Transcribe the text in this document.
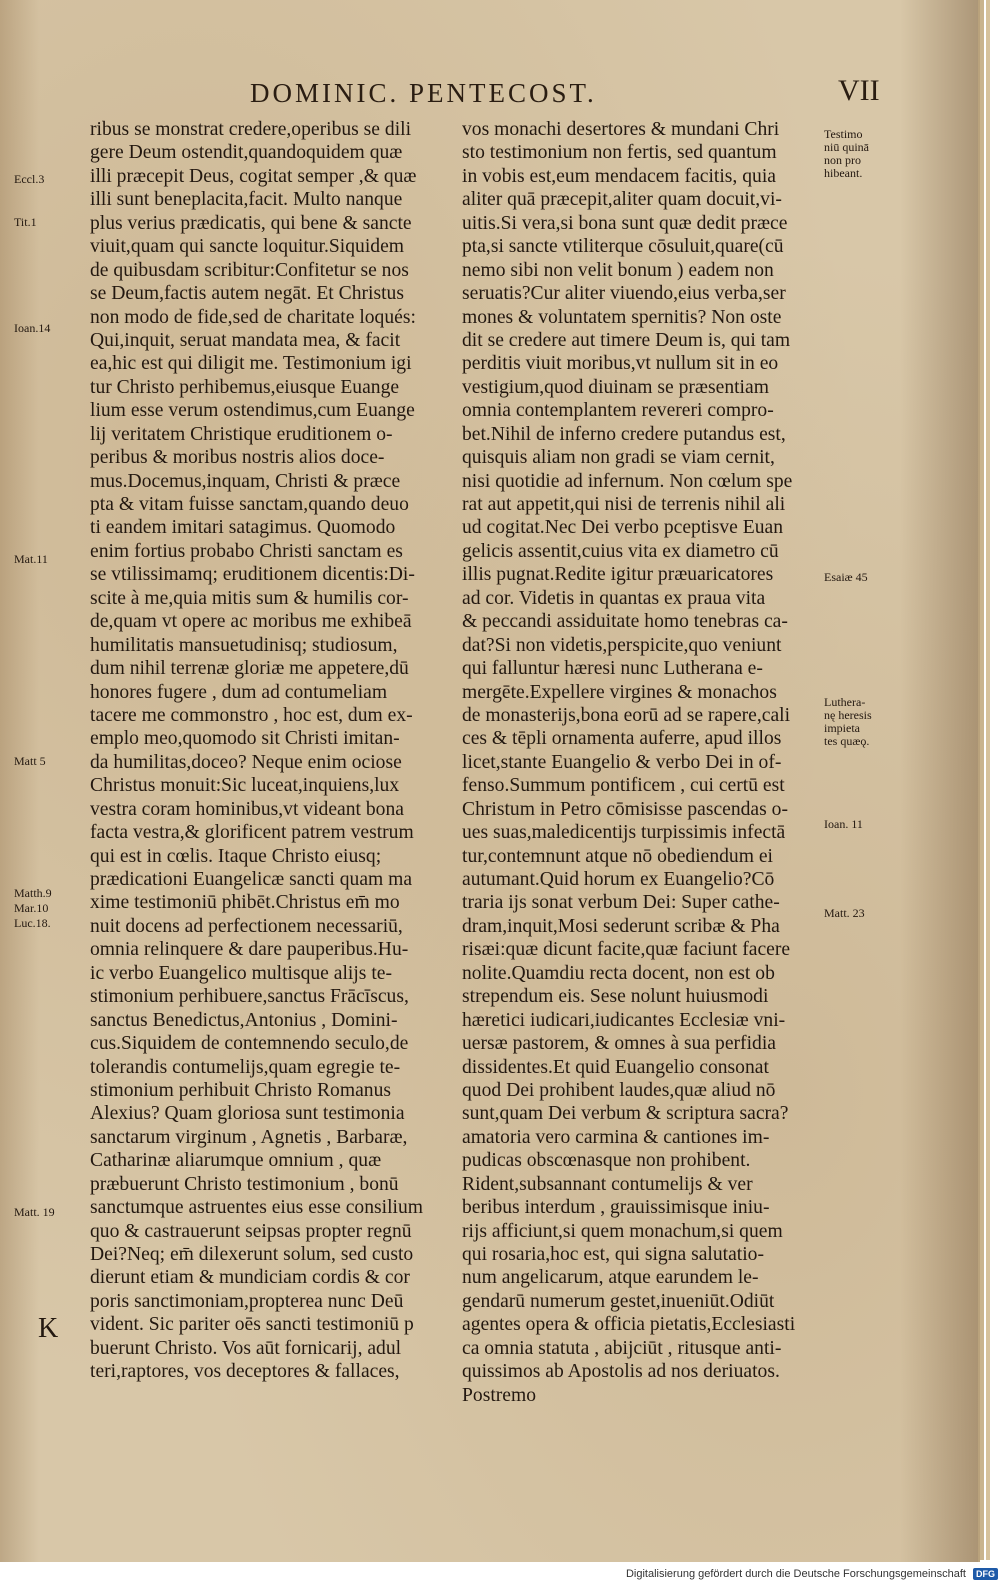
DOMINIC. PENTECOST.	VII
ribus se monstrat credere,operibus se dili
gere Deum ostendit,quandoquidem quæ
illi præcepit Deus, cogitat semper ,& quæ
illi sunt beneplacita,facit. Multo nanque
plus verius prædicatis, qui bene & sancte
viuit,quam qui sancte loquitur.Siquidem
de quibusdam scribitur:Confitetur se nos
se Deum,factis autem negāt. Et Christus
non modo de fide,sed de charitate loqués:
Qui,inquit, seruat mandata mea, & facit
ea,hic est qui diligit me. Testimonium igi
tur Christo perhibemus,eiusque Euange
lium esse verum ostendimus,cum Euange
lij veritatem Christique eruditionem o-
peribus & moribus nostris alios doce-
mus.Docemus,inquam, Christi & præce
pta & vitam fuisse sanctam,quando deuo
ti eandem imitari satagimus. Quomodo
enim fortius probabo Christi sanctam es
se vtilissimamq; eruditionem dicentis:Di-
scite à me,quia mitis sum & humilis cor-
de,quam vt opere ac moribus me exhibeā
humilitatis mansuetudinisq; studiosum,
dum nihil terrenæ gloriæ me appetere,dū
honores fugere , dum ad contumeliam
tacere me commonstro , hoc est, dum ex-
emplo meo,quomodo sit Christi imitan-
da humilitas,doceo? Neque enim ociose
Christus monuit:Sic luceat,inquiens,lux
vestra coram hominibus,vt videant bona
facta vestra,& glorificent patrem vestrum
qui est in cœlis. Itaque Christo eiusq;
prædicationi Euangelicæ sancti quam ma
xime testimoniū phibēt.Christus em̄ mo
nuit docens ad perfectionem necessariū,
omnia relinquere & dare pauperibus.Hu-
ic verbo Euangelico multisque alijs te-
stimonium perhibuere,sanctus Frācīscus,
sanctus Benedictus,Antonius , Domini-
cus.Siquidem de contemnendo seculo,de
tolerandis contumelijs,quam egregie te-
stimonium perhibuit Christo Romanus
Alexius? Quam gloriosa sunt testimonia
sanctarum virginum , Agnetis , Barbaræ,
Catharinæ aliarumque omnium , quæ
præbuerunt Christo testimonium , bonū
sanctumque astruentes eius esse consilium
quo & castrauerunt seipsas propter regnū
Dei?Neq; em̄ dilexerunt solum, sed custo
dierunt etiam & mundiciam cordis & cor
poris sanctimoniam,propterea nunc Deū
vident. Sic pariter oēs sancti testimoniū p
buerunt Christo. Vos aūt fornicarij, adul
teri,raptores, vos deceptores & fallaces,
vos monachi desertores & mundani Chri
sto testimonium non fertis, sed quantum
in vobis est,eum mendacem facitis, quia
aliter quā præcepit,aliter quam docuit,vi-
uitis.Si vera,si bona sunt quæ dedit præce
pta,si sancte vtiliterque cōsuluit,quare(cū
nemo sibi non velit bonum ) eadem non
seruatis?Cur aliter viuendo,eius verba,ser
mones & voluntatem spernitis? Non oste
dit se credere aut timere Deum is, qui tam
perditis viuit moribus,vt nullum sit in eo
vestigium,quod diuinam se præsentiam
omnia contemplantem revereri compro-
bet.Nihil de inferno credere putandus est,
quisquis aliam non gradi se viam cernit,
nisi quotidie ad infernum. Non cœlum spe
rat aut appetit,qui nisi de terrenis nihil ali
ud cogitat.Nec Dei verbo pceptisve Euan
gelicis assentit,cuius vita ex diametro cū
illis pugnat.Redite igitur præuaricatores
ad cor. Videtis in quantas ex praua vita
& peccandi assiduitate homo tenebras ca-
dat?Si non videtis,perspicite,quo veniunt
qui falluntur hæresi nunc Lutherana e-
mergēte.Expellere virgines & monachos
de monasterijs,bona eorū ad se rapere,cali
ces & tēpli ornamenta auferre, apud illos
licet,stante Euangelio & verbo Dei in of-
fenso.Summum pontificem , cui certū est
Christum in Petro cōmisisse pascendas o-
ues suas,maledicentijs turpissimis infectā
tur,contemnunt atque nō obediendum ei
autumant.Quid horum ex Euangelio?Cō
traria ijs sonat verbum Dei: Super cathe-
dram,inquit,Mosi sederunt scribæ & Pha
risæi:quæ dicunt facite,quæ faciunt facere
nolite.Quamdiu recta docent, non est ob
strependum eis. Sese nolunt huiusmodi
hæretici iudicari,iudicantes Ecclesiæ vni-
uersæ pastorem, & omnes à sua perfidia
dissidentes.Et quid Euangelio consonat
quod Dei prohibent laudes,quæ aliud nō
sunt,quam Dei verbum & scriptura sacra?
amatoria vero carmina & cantiones im-
pudicas obscœnasque non prohibent.
Rident,subsannant contumelijs & ver
beribus interdum , grauissimisque iniu-
rijs afficiunt,si quem monachum,si quem
qui rosaria,hoc est, qui signa salutatio-
num angelicarum, atque earundem le-
gendarū numerum gestet,inueniūt.Odiūt
agentes opera & officia pietatis,Ecclesiasti
ca omnia statuta , abijciūt , ritusque anti-
quissimos ab Apostolis ad nos deriuatos.
Postremo
Eccl.3
Tit.1
Ioan.14
Mat.11
Matt 5
Matth.9
Mar.10
Luc.18.
Matt. 19
Testimo
niū quinā
non pro
hibeant.
Esaiæ 45
Luthera-
nę heresis
impieta
tes quæǫ.
Ioan. 11
Matt. 23
K
Digitalisierung gefördert durch die Deutsche Forschungsgemeinschaft DFG
